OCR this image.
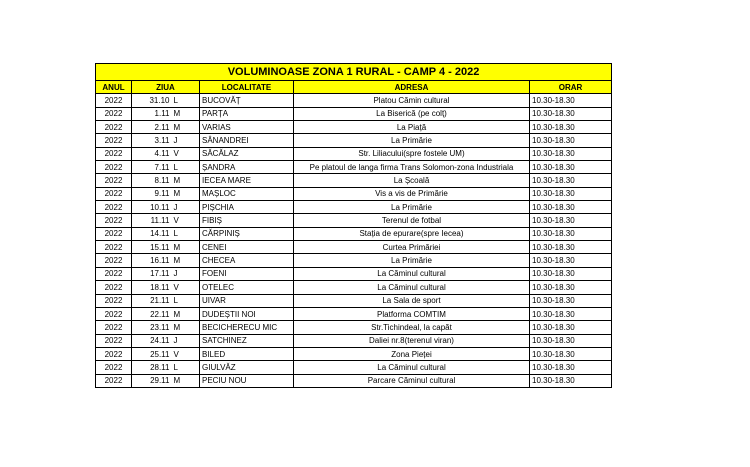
VOLUMINOASE ZONA 1 RURAL - CAMP 4 - 2022					
ANUL	ZIUA		LOCALITATE	ADRESA	ORAR
2022	31.10	L	BUCOVĂȚ	Platou Cămin cultural	10.30-18.30
2022	1.11	M	PARȚA	La Biserică (pe colț)	10.30-18.30
2022	2.11	M	VARIAS	La Piață	10.30-18.30
2022	3.11	J	SÂNANDREI	La Primărie	10.30-18.30
2022	4.11	V	SĂCĂLAZ	Str. Liliacului(spre fostele UM)	10.30-18.30
2022	7.11	L	ȘANDRA	Pe platoul de langa firma Trans Solomon-zona Industriala	10.30-18.30
2022	8.11	M	IECEA MARE	La Școală	10.30-18.30
2022	9.11	M	MAȘLOC	Vis a vis de Primărie	10.30-18.30
2022	10.11	J	PIȘCHIA	La Primărie	10.30-18.30
2022	11.11	V	FIBIȘ	Terenul de fotbal	10.30-18.30
2022	14.11	L	CĂRPINIȘ	Stația de epurare(spre Iecea)	10.30-18.30
2022	15.11	M	CENEI	Curtea Primăriei	10.30-18.30
2022	16.11	M	CHECEA	La Primărie	10.30-18.30
2022	17.11	J	FOENI	La Căminul cultural	10.30-18.30
2022	18.11	V	OTELEC	La Căminul cultural	10.30-18.30
2022	21.11	L	UIVAR	La Sala de sport	10.30-18.30
2022	22.11	M	DUDEȘTII NOI	Platforma COMTIM	10.30-18.30
2022	23.11	M	BECICHERECU MIC	Str.Tichindeal, la capăt	10.30-18.30
2022	24.11	J	SATCHINEZ	Daliei nr.8(terenul viran)	10.30-18.30
2022	25.11	V	BILED	Zona Pieței	10.30-18.30
2022	28.11	L	GIULVĂZ	La Căminul cultural	10.30-18.30
2022	29.11	M	PECIU NOU	Parcare Căminul cultural	10.30-18.30
